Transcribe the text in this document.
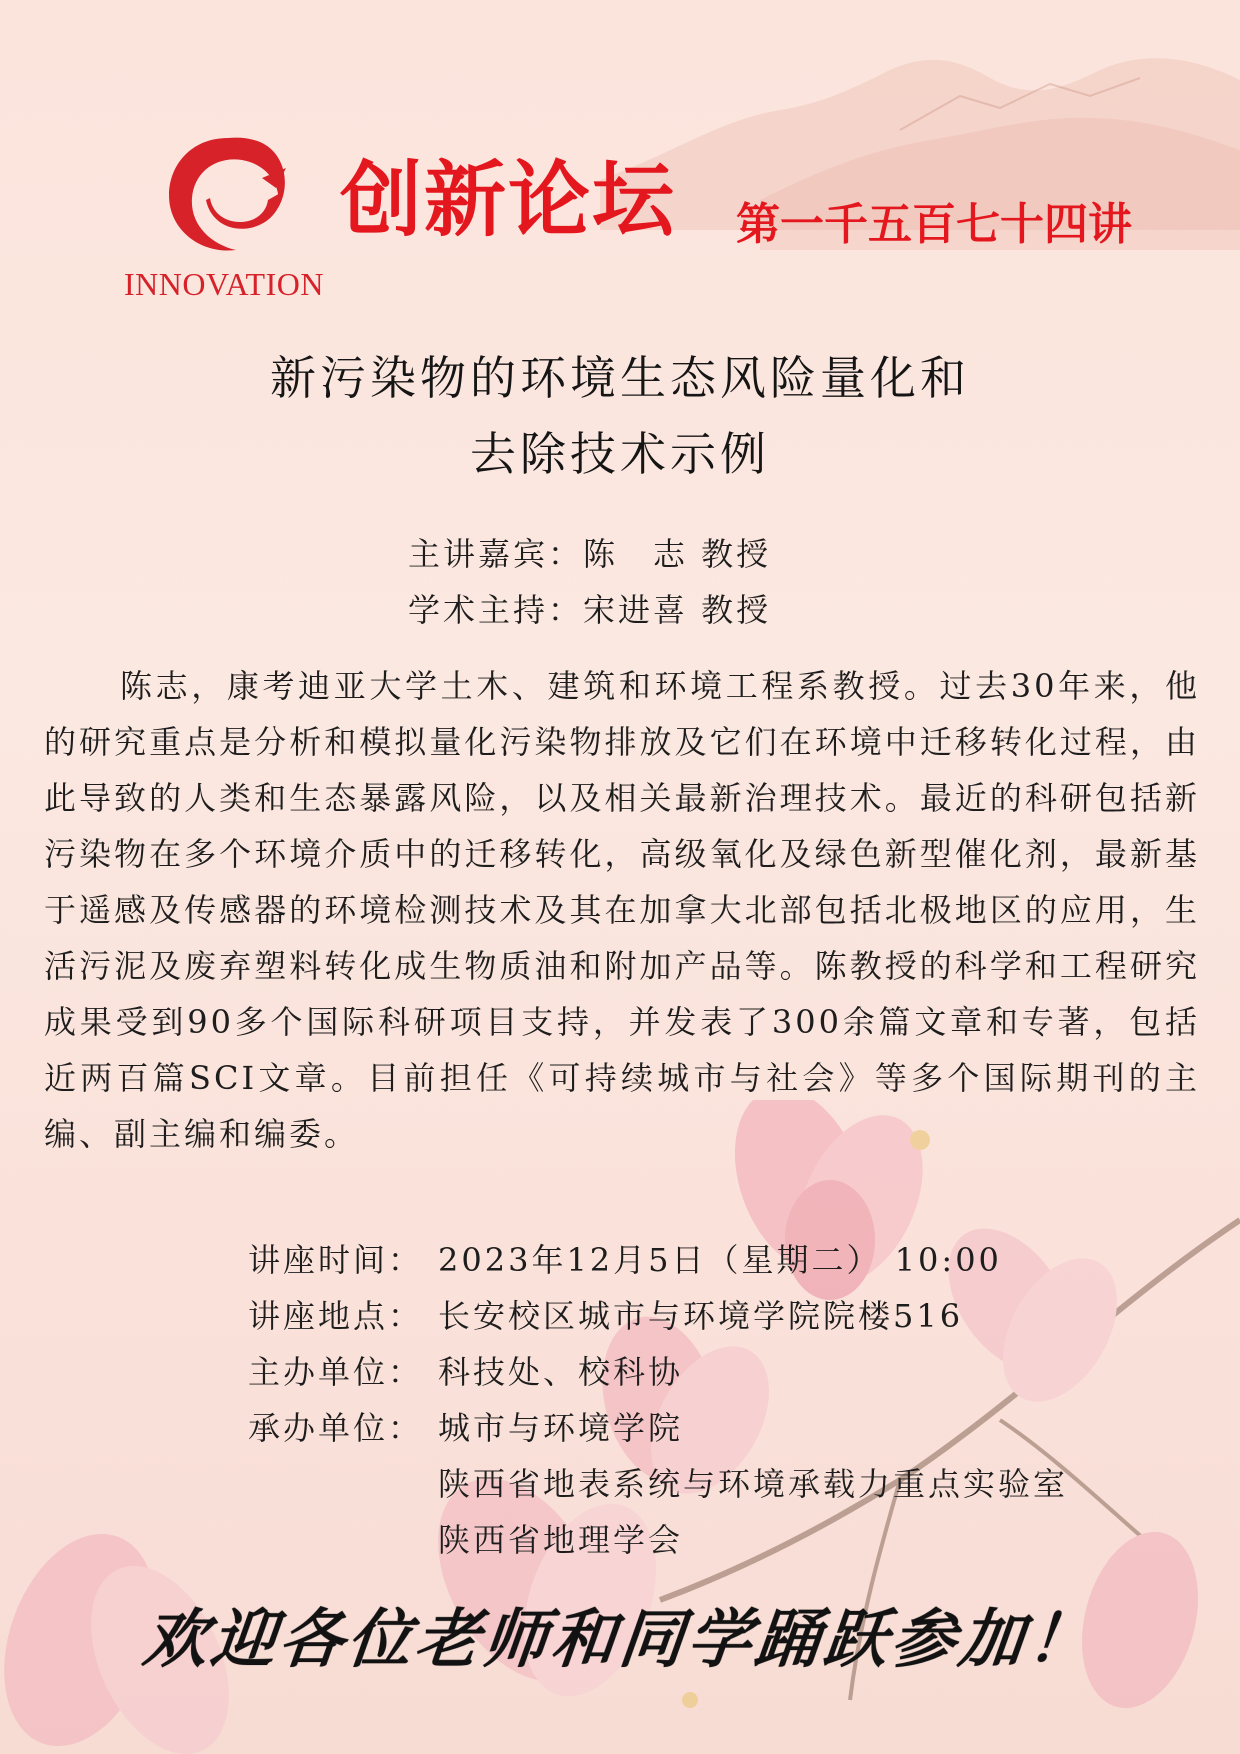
INNOVATION
创新论坛 第一千五百七十四讲
新污染物的环境生态风险量化和
去除技术示例
主讲嘉宾：陈　志 教授
学术主持：宋进喜 教授
陈志，康考迪亚大学土木、建筑和环境工程系教授。过去30年来，他的研究重点是分析和模拟量化污染物排放及它们在环境中迁移转化过程，由此导致的人类和生态暴露风险，以及相关最新治理技术。最近的科研包括新污染物在多个环境介质中的迁移转化，高级氧化及绿色新型催化剂，最新基于遥感及传感器的环境检测技术及其在加拿大北部包括北极地区的应用，生活污泥及废弃塑料转化成生物质油和附加产品等。陈教授的科学和工程研究成果受到90多个国际科研项目支持，并发表了300余篇文章和专著，包括近两百篇SCI文章。目前担任《可持续城市与社会》等多个国际期刊的主编、副主编和编委。
讲座时间： 2023年12月5日（星期二） 10:00
讲座地点： 长安校区城市与环境学院院楼516
主办单位： 科技处、校科协
承办单位： 城市与环境学院
陕西省地表系统与环境承载力重点实验室
陕西省地理学会
欢迎各位老师和同学踊跃参加！
